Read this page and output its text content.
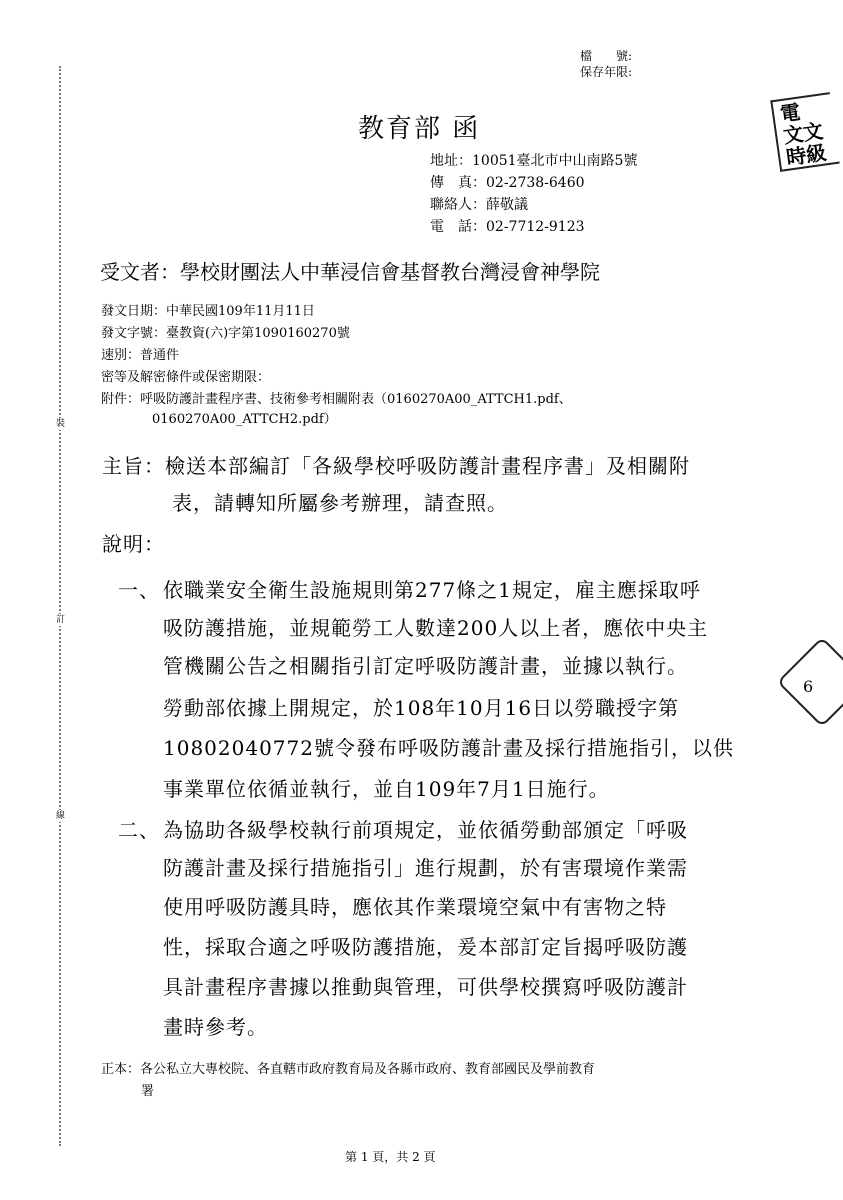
裝
訂
線
檔　　號:
保存年限:
電
文文
時級
6
教育部 函
地址：10051臺北市中山南路5號
傳　真：02-2738-6460
聯絡人：薛敬議
電　話：02-7712-9123
受文者：學校財團法人中華浸信會基督教台灣浸會神學院
發文日期：中華民國109年11月11日
發文字號：臺教資(六)字第1090160270號
速別：普通件
密等及解密條件或保密期限：
附件：呼吸防護計畫程序書、技術參考相關附表（0160270A00_ATTCH1.pdf、
0160270A00_ATTCH2.pdf）
主旨：檢送本部編訂「各級學校呼吸防護計畫程序書」及相關附
表，請轉知所屬參考辦理，請查照。
說明：
一、 依職業安全衛生設施規則第277條之1規定，雇主應採取呼
吸防護措施，並規範勞工人數達200人以上者，應依中央主
管機關公告之相關指引訂定呼吸防護計畫，並據以執行。
勞動部依據上開規定，於108年10月16日以勞職授字第
10802040772號令發布呼吸防護計畫及採行措施指引，以供
事業單位依循並執行，並自109年7月1日施行。
二、 為協助各級學校執行前項規定，並依循勞動部頒定「呼吸
防護計畫及採行措施指引」進行規劃，於有害環境作業需
使用呼吸防護具時，應依其作業環境空氣中有害物之特
性，採取合適之呼吸防護措施，爰本部訂定旨揭呼吸防護
具計畫程序書據以推動與管理，可供學校撰寫呼吸防護計
畫時參考。
正本：各公私立大專校院、各直轄市政府教育局及各縣市政府、教育部國民及學前教育
署
第 1 頁，共 2 頁
